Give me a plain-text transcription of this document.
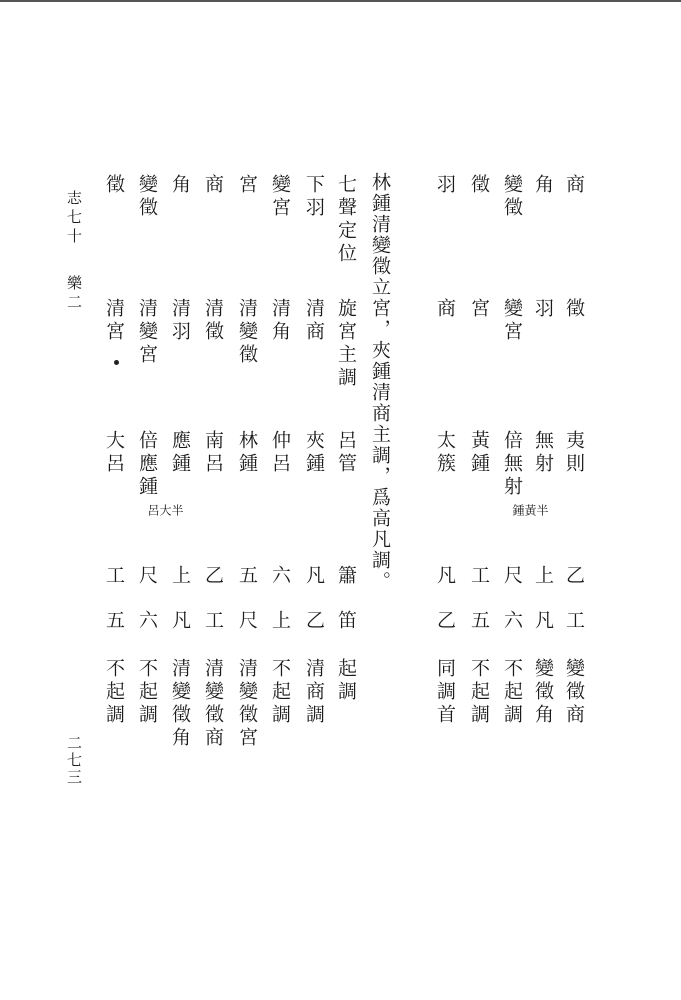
商
徵
夷則
乙
工
變徵商
角
羽
無射
上
凡
變徵角
變徵
變宮
倍無射
半
黃
鍾
尺
六
不起調
徵
宮
黃鍾
工
五
不起調
羽
商
太簇
凡
乙
同調首
林鍾清變徵立宮，夾鍾清商主調，爲高凡調。
七聲定位
旋宮主調
呂管
簫
笛
起調
下羽
清商
夾鍾
凡
乙
清商調
變宮
清角
仲呂
六
上
不起調
宮
清變徵
林鍾
五
尺
清變徵宮
商
清徵
南呂
乙
工
清變徵商
角
清羽
應鍾
上
凡
清變徵角
變徵
清變宮
倍應鍾
半
大
呂
尺
六
不起調
徵
清宮
大呂
工
五
不起調
志七十
樂二
二七三
